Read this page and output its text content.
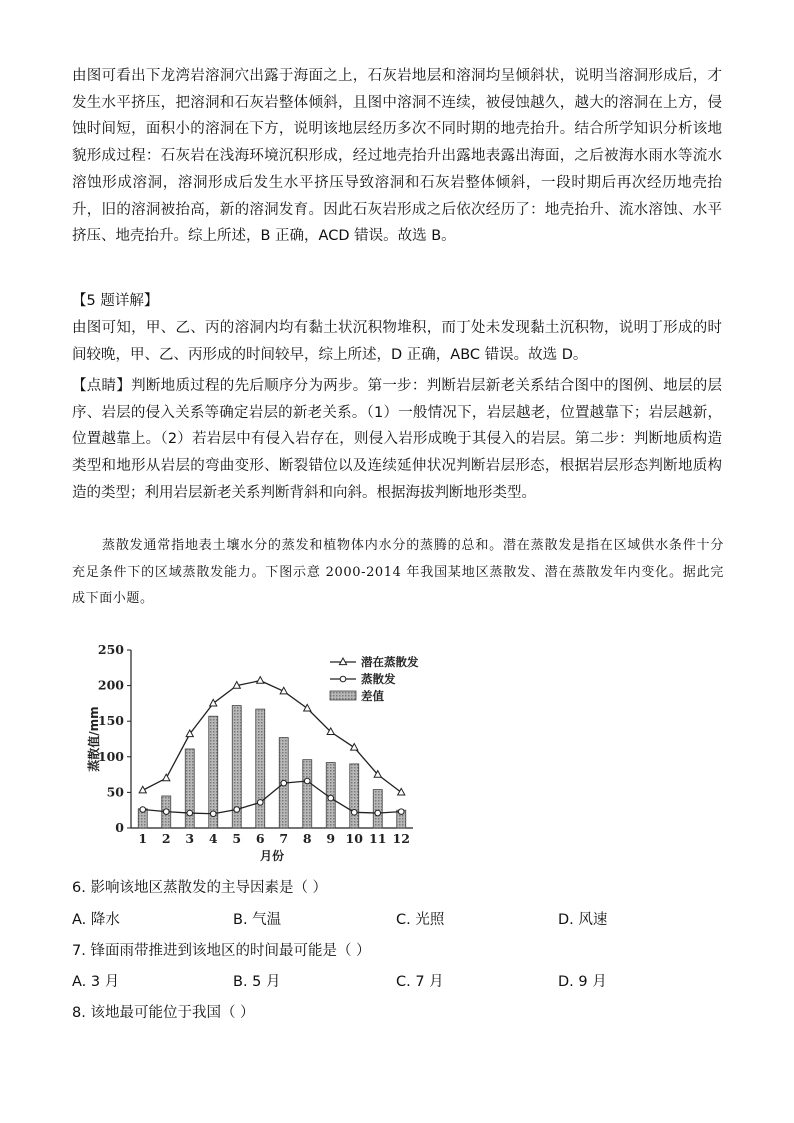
由图可看出下龙湾岩溶洞穴出露于海面之上，石灰岩地层和溶洞均呈倾斜状，说明当溶洞形成后，才发生水平挤压，把溶洞和石灰岩整体倾斜，且图中溶洞不连续，被侵蚀越久，越大的溶洞在上方，侵蚀时间短，面积小的溶洞在下方，说明该地层经历多次不同时期的地壳抬升。结合所学知识分析该地貌形成过程：石灰岩在浅海环境沉积形成，经过地壳抬升出露地表露出海面，之后被海水雨水等流水溶蚀形成溶洞，溶洞形成后发生水平挤压导致溶洞和石灰岩整体倾斜，一段时期后再次经历地壳抬升，旧的溶洞被抬高，新的溶洞发育。因此石灰岩形成之后依次经历了：地壳抬升、流水溶蚀、水平挤压、地壳抬升。综上所述，B 正确，ACD 错误。故选 B。

【5 题详解】

由图可知，甲、乙、丙的溶洞内均有黏土状沉积物堆积，而丁处未发现黏土沉积物，说明丁形成的时间较晚，甲、乙、丙形成的时间较早，综上所述，D 正确，ABC 错误。故选 D。

【点睛】判断地质过程的先后顺序分为两步。第一步：判断岩层新老关系结合图中的图例、地层的层序、岩层的侵入关系等确定岩层的新老关系。（1）一般情况下，岩层越老，位置越靠下；岩层越新，位置越靠上。（2）若岩层中有侵入岩存在，则侵入岩形成晚于其侵入的岩层。第二步：判断地质构造类型和地形从岩层的弯曲变形、断裂错位以及连续延伸状况判断岩层形态，根据岩层形态判断地质构造的类型；利用岩层新老关系判断背斜和向斜。根据海拔判断地形类型。

蒸散发通常指地表土壤水分的蒸发和植物体内水分的蒸腾的总和。潜在蒸散发是指在区域供水条件十分充足条件下的区域蒸散发能力。下图示意 2000-2014 年我国某地区蒸散发、潜在蒸散发年内变化。据此完成下面小题。

0
50
100
150
200
250
蒸散值/mm
1 2 3 4 5 6 7 8 9 10 11 12
月份
潜在蒸散发
蒸散发
差值

6. 影响该地区蒸散发的主导因素是（ ）

A. 降水	B. 气温	C. 光照	D. 风速

7. 锋面雨带推进到该地区的时间最可能是（ ）

A. 3 月	B. 5 月	C. 7 月	D. 9 月

8. 该地最可能位于我国（ ）
